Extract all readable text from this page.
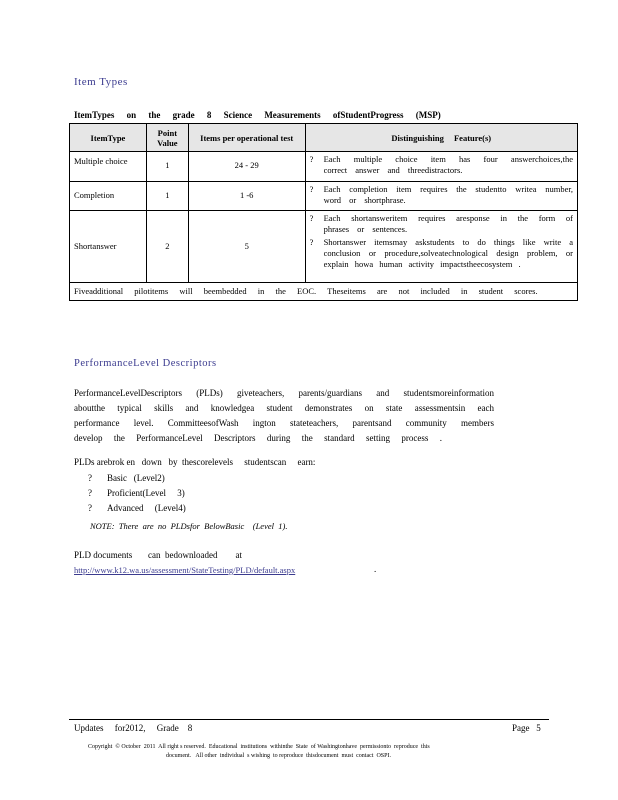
Item Types
ItemTypes on the grade 8 Science Measurements ofStudentProgress (MSP)
ItemType	Point Value	Items per operational test	Distinguishing Feature(s)
Multiple choice	1	24 - 29	? Each multiple choice item has four answerchoices,the correct answer and threedistractors.

Completion	1	1 -6	? Each completion item requires the studentto writea number, word or shortphrase.

Shortanswer	2	5	? Each shortansweritem requires aresponse in the form of phrases or sentences.
? Shortanswer itemsmay askstudents to do things like write a conclusion or procedure,solveatechnological design problem, or explain howa human activity impactstheecosystem .

Fiveadditional pilotitems will beembedded in the EOC. Theseitems are not included in student scores.			
PerformanceLevel Descriptors
PerformanceLevelDescriptors (PLDs) giveteachers, parents/guardians and studentsmoreinformation
aboutthe typical skills and knowledgea student demonstrates on state assessmentsin each
performance level. CommitteesofWash ington stateteachers, parentsand community members
develop the PerformanceLevel Descriptors during the standard setting process .
PLDs arebrok en   down   by  thescorelevels     studentscan     earn:
?	Basic   (Level2)
?	Proficient(Level     3)
?	Advanced     (Level4)
NOTE:  There  are  no  PLDsfor  BelowBasic    (Level  1).
PLD documents       can  bedownloaded        at
http://www.k12.wa.us/assessment/StateTesting/PLD/default.aspx	.
Updates     for2012,     Grade    8	Page   5
Copyright  © October  2011  All right s reserved.  Educational  institutions  withinthe  State  of Washingtonhave  permissionto  reproduce  this
document.   All other  individual  s wishing  to reproduce  thisdocument  must  contact  OSPI.
